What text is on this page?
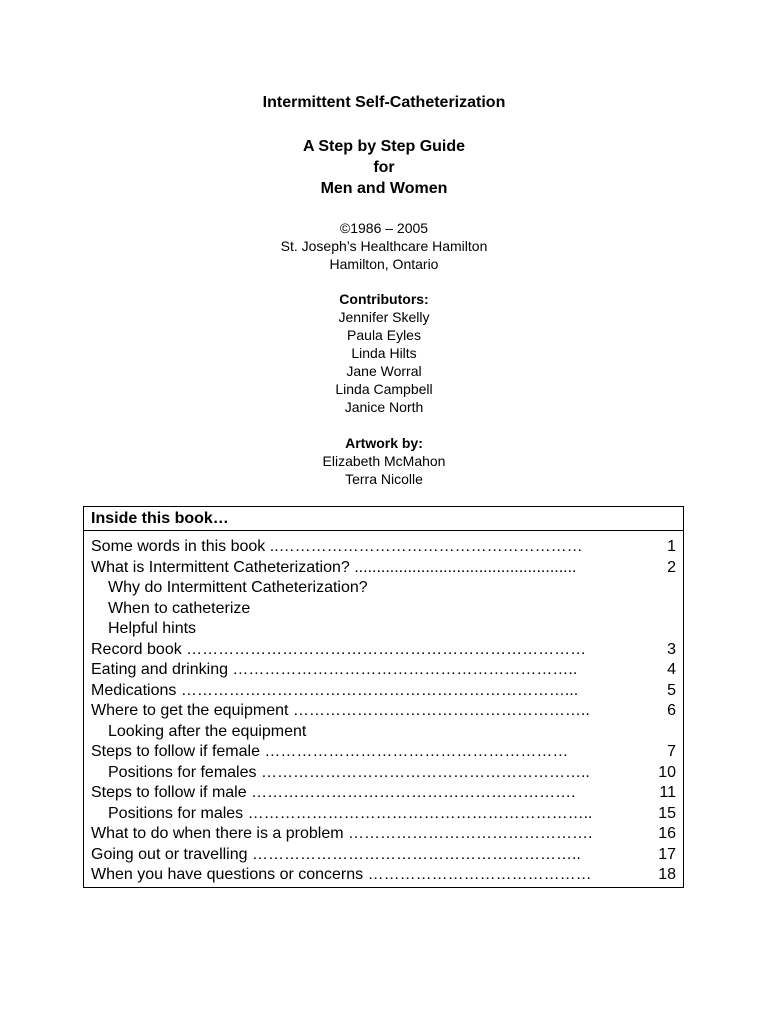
Intermittent Self-Catheterization
A Step by Step Guide
for
Men and Women
©1986 – 2005
St. Joseph’s Healthcare Hamilton
Hamilton, Ontario
Contributors:
Jennifer Skelly
Paula Eyles
Linda Hilts
Jane Worral
Linda Campbell
Janice North
Artwork by:
Elizabeth McMahon
Terra Nicolle
Inside this book…
Some words in this book ..…………………………………………………	1
What is Intermittent Catheterization? ..................................................	2
Why do Intermittent Catheterization?
When to catheterize
Helpful hints
Record book …………………………………………………………………	3
Eating and drinking ………………………………………………………..	4
Medications ………………………………………………………………...	5
Where to get the equipment ………………………………………………..	6
Looking after the equipment
Steps to follow if female …………………………………………………	7
Positions for females ……………………………………………………..	10
Steps to follow if male …………………………………………………….	11
Positions for males ………………………………………………………..	15
What to do when there is a problem ……………………………………….	16
Going out or travelling ……………………………………………………..	17
When you have questions or concerns ……………………………………	18
